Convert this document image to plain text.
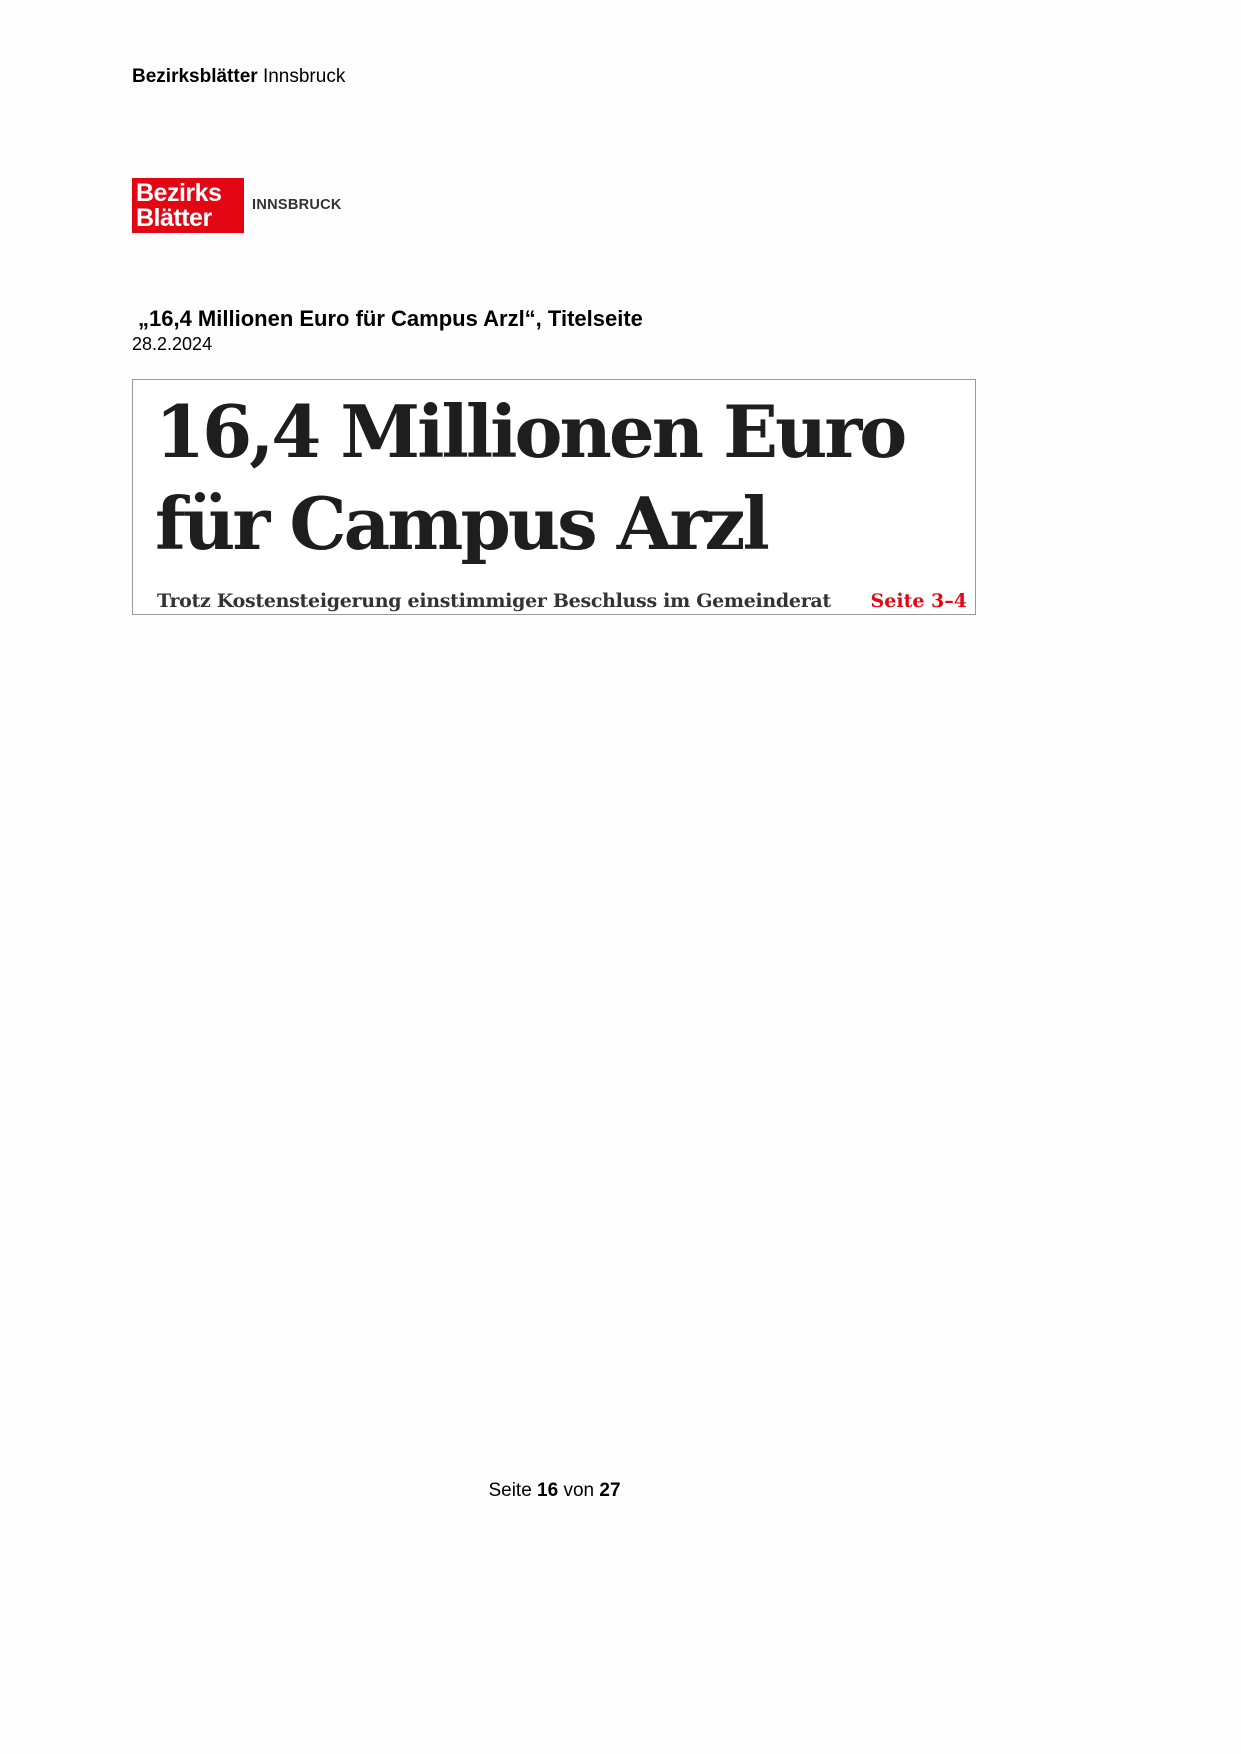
Bezirksblätter Innsbruck
Bezirks
Blätter	INNSBRUCK
„16,4 Millionen Euro für Campus Arzl“, Titelseite
28.2.2024
16,4 Millionen Euro
für Campus Arzl
Trotz Kostensteigerung einstimmiger Beschluss im Gemeinderat Seite 3–4
Seite 16 von 27
